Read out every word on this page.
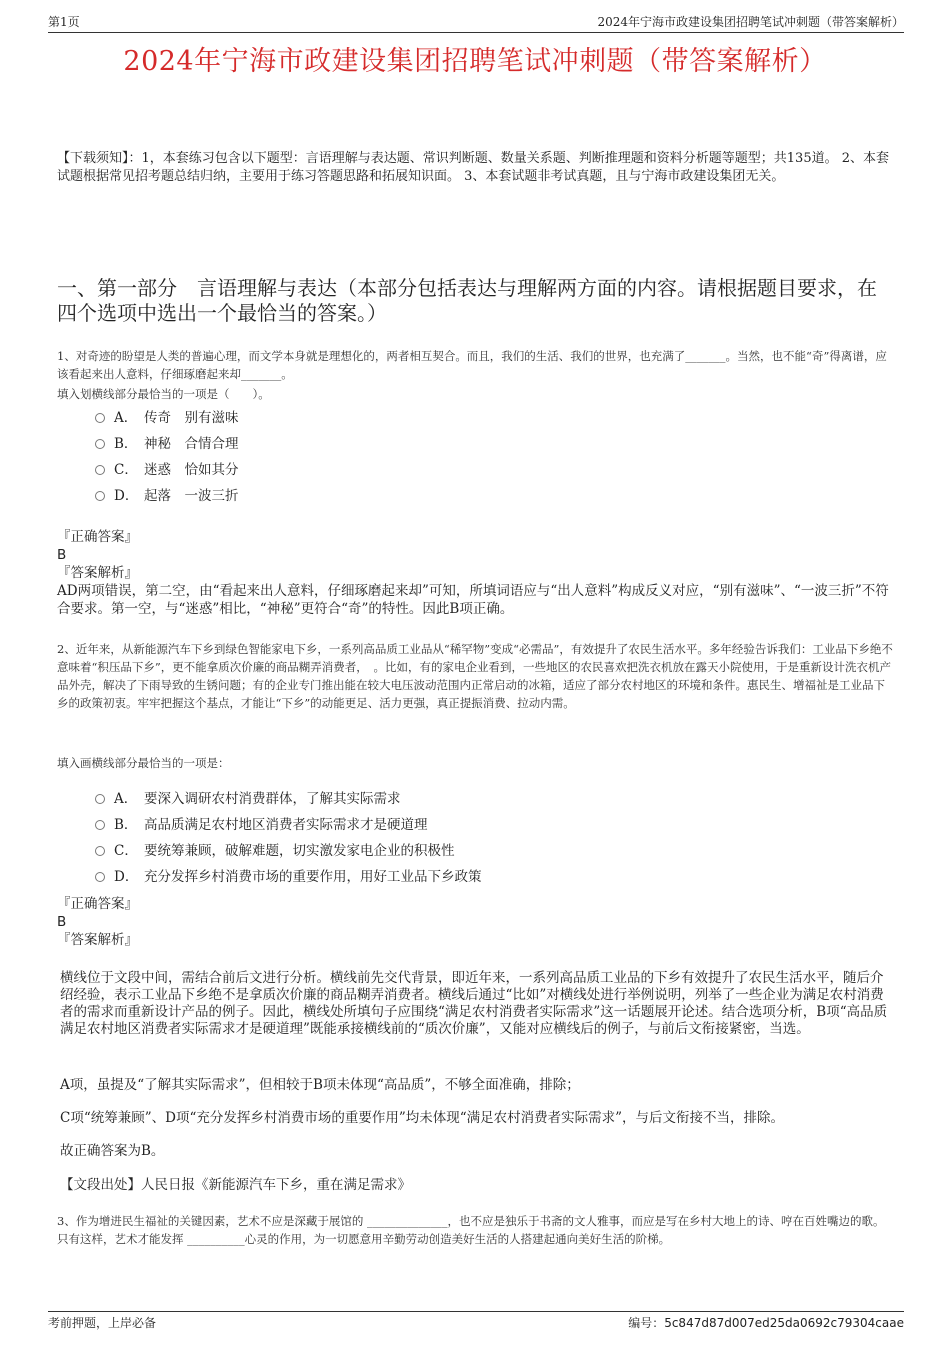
第1页	2024年宁海市政建设集团招聘笔试冲刺题（带答案解析）
2024年宁海市政建设集团招聘笔试冲刺题（带答案解析）
【下载须知】：1，本套练习包含以下题型：言语理解与表达题、常识判断题、数量关系题、判断推理题和资料分析题等题型；共135道。 2、本套试题根据常见招考题总结归纳，主要用于练习答题思路和拓展知识面。 3、本套试题非考试真题，且与宁海市政建设集团无关。
一、第一部分　言语理解与表达（本部分包括表达与理解两方面的内容。请根据题目要求，在四个选项中选出一个最恰当的答案。）
1、对奇迹的盼望是人类的普遍心理，而文学本身就是理想化的，两者相互契合。而且，我们的生活、我们的世界，也充满了_______。当然，也不能“奇”得离谱，应该看起来出人意料，仔细琢磨起来却_______。
填入划横线部分最恰当的一项是（　　）。
A． 传奇　别有滋味
B． 神秘　合情合理
C． 迷惑　恰如其分
D． 起落　一波三折

『正确答案』

B

『答案解析』

AD两项错误，第二空，由“看起来出人意料，仔细琢磨起来却”可知，所填词语应与“出人意料”构成反义对应，“别有滋味”、“一波三折”不符合要求。第一空，与“迷惑”相比，“神秘”更符合“奇”的特性。因此B项正确。

2、近年来，从新能源汽车下乡到绿色智能家电下乡，一系列高品质工业品从“稀罕物”变成“必需品”，有效提升了农民生活水平。多年经验告诉我们：工业品下乡绝不意味着“积压品下乡”，更不能拿质次价廉的商品糊弄消费者，　。比如，有的家电企业看到，一些地区的农民喜欢把洗衣机放在露天小院使用，于是重新设计洗衣机产品外壳，解决了下雨导致的生锈问题；有的企业专门推出能在较大电压波动范围内正常启动的冰箱，适应了部分农村地区的环境和条件。惠民生、增福祉是工业品下乡的政策初衷。牢牢把握这个基点，才能让“下乡”的动能更足、活力更强，真正提振消费、拉动内需。
填入画横线部分最恰当的一项是：
A． 要深入调研农村消费群体，了解其实际需求
B． 高品质满足农村地区消费者实际需求才是硬道理
C． 要统筹兼顾，破解难题，切实激发家电企业的积极性
D． 充分发挥乡村消费市场的重要作用，用好工业品下乡政策

『正确答案』

B

『答案解析』

横线位于文段中间，需结合前后文进行分析。横线前先交代背景，即近年来，一系列高品质工业品的下乡有效提升了农民生活水平，随后介绍经验，表示工业品下乡绝不是拿质次价廉的商品糊弄消费者。横线后通过“比如”对横线处进行举例说明，列举了一些企业为满足农村消费者的需求而重新设计产品的例子。因此，横线处所填句子应围绕“满足农村消费者实际需求”这一话题展开论述。结合选项分析，B项“高品质满足农村地区消费者实际需求才是硬道理”既能承接横线前的“质次价廉”，又能对应横线后的例子，与前后文衔接紧密，当选。
A项，虽提及“了解其实际需求”，但相较于B项未体现“高品质”，不够全面准确，排除；
C项“统筹兼顾”、D项“充分发挥乡村消费市场的重要作用”均未体现“满足农村消费者实际需求”，与后文衔接不当，排除。
故正确答案为B。
【文段出处】人民日报《新能源汽车下乡，重在满足需求》
3、作为增进民生福祉的关键因素，艺术不应是深藏于展馆的 ______________，也不应是独乐于书斋的文人雅事，而应是写在乡村大地上的诗、哼在百姓嘴边的歌。只有这样，艺术才能发挥 __________心灵的作用，为一切愿意用辛勤劳动创造美好生活的人搭建起通向美好生活的阶梯。
考前押题，上岸必备	编号：5c847d87d007ed25da0692c79304caae
